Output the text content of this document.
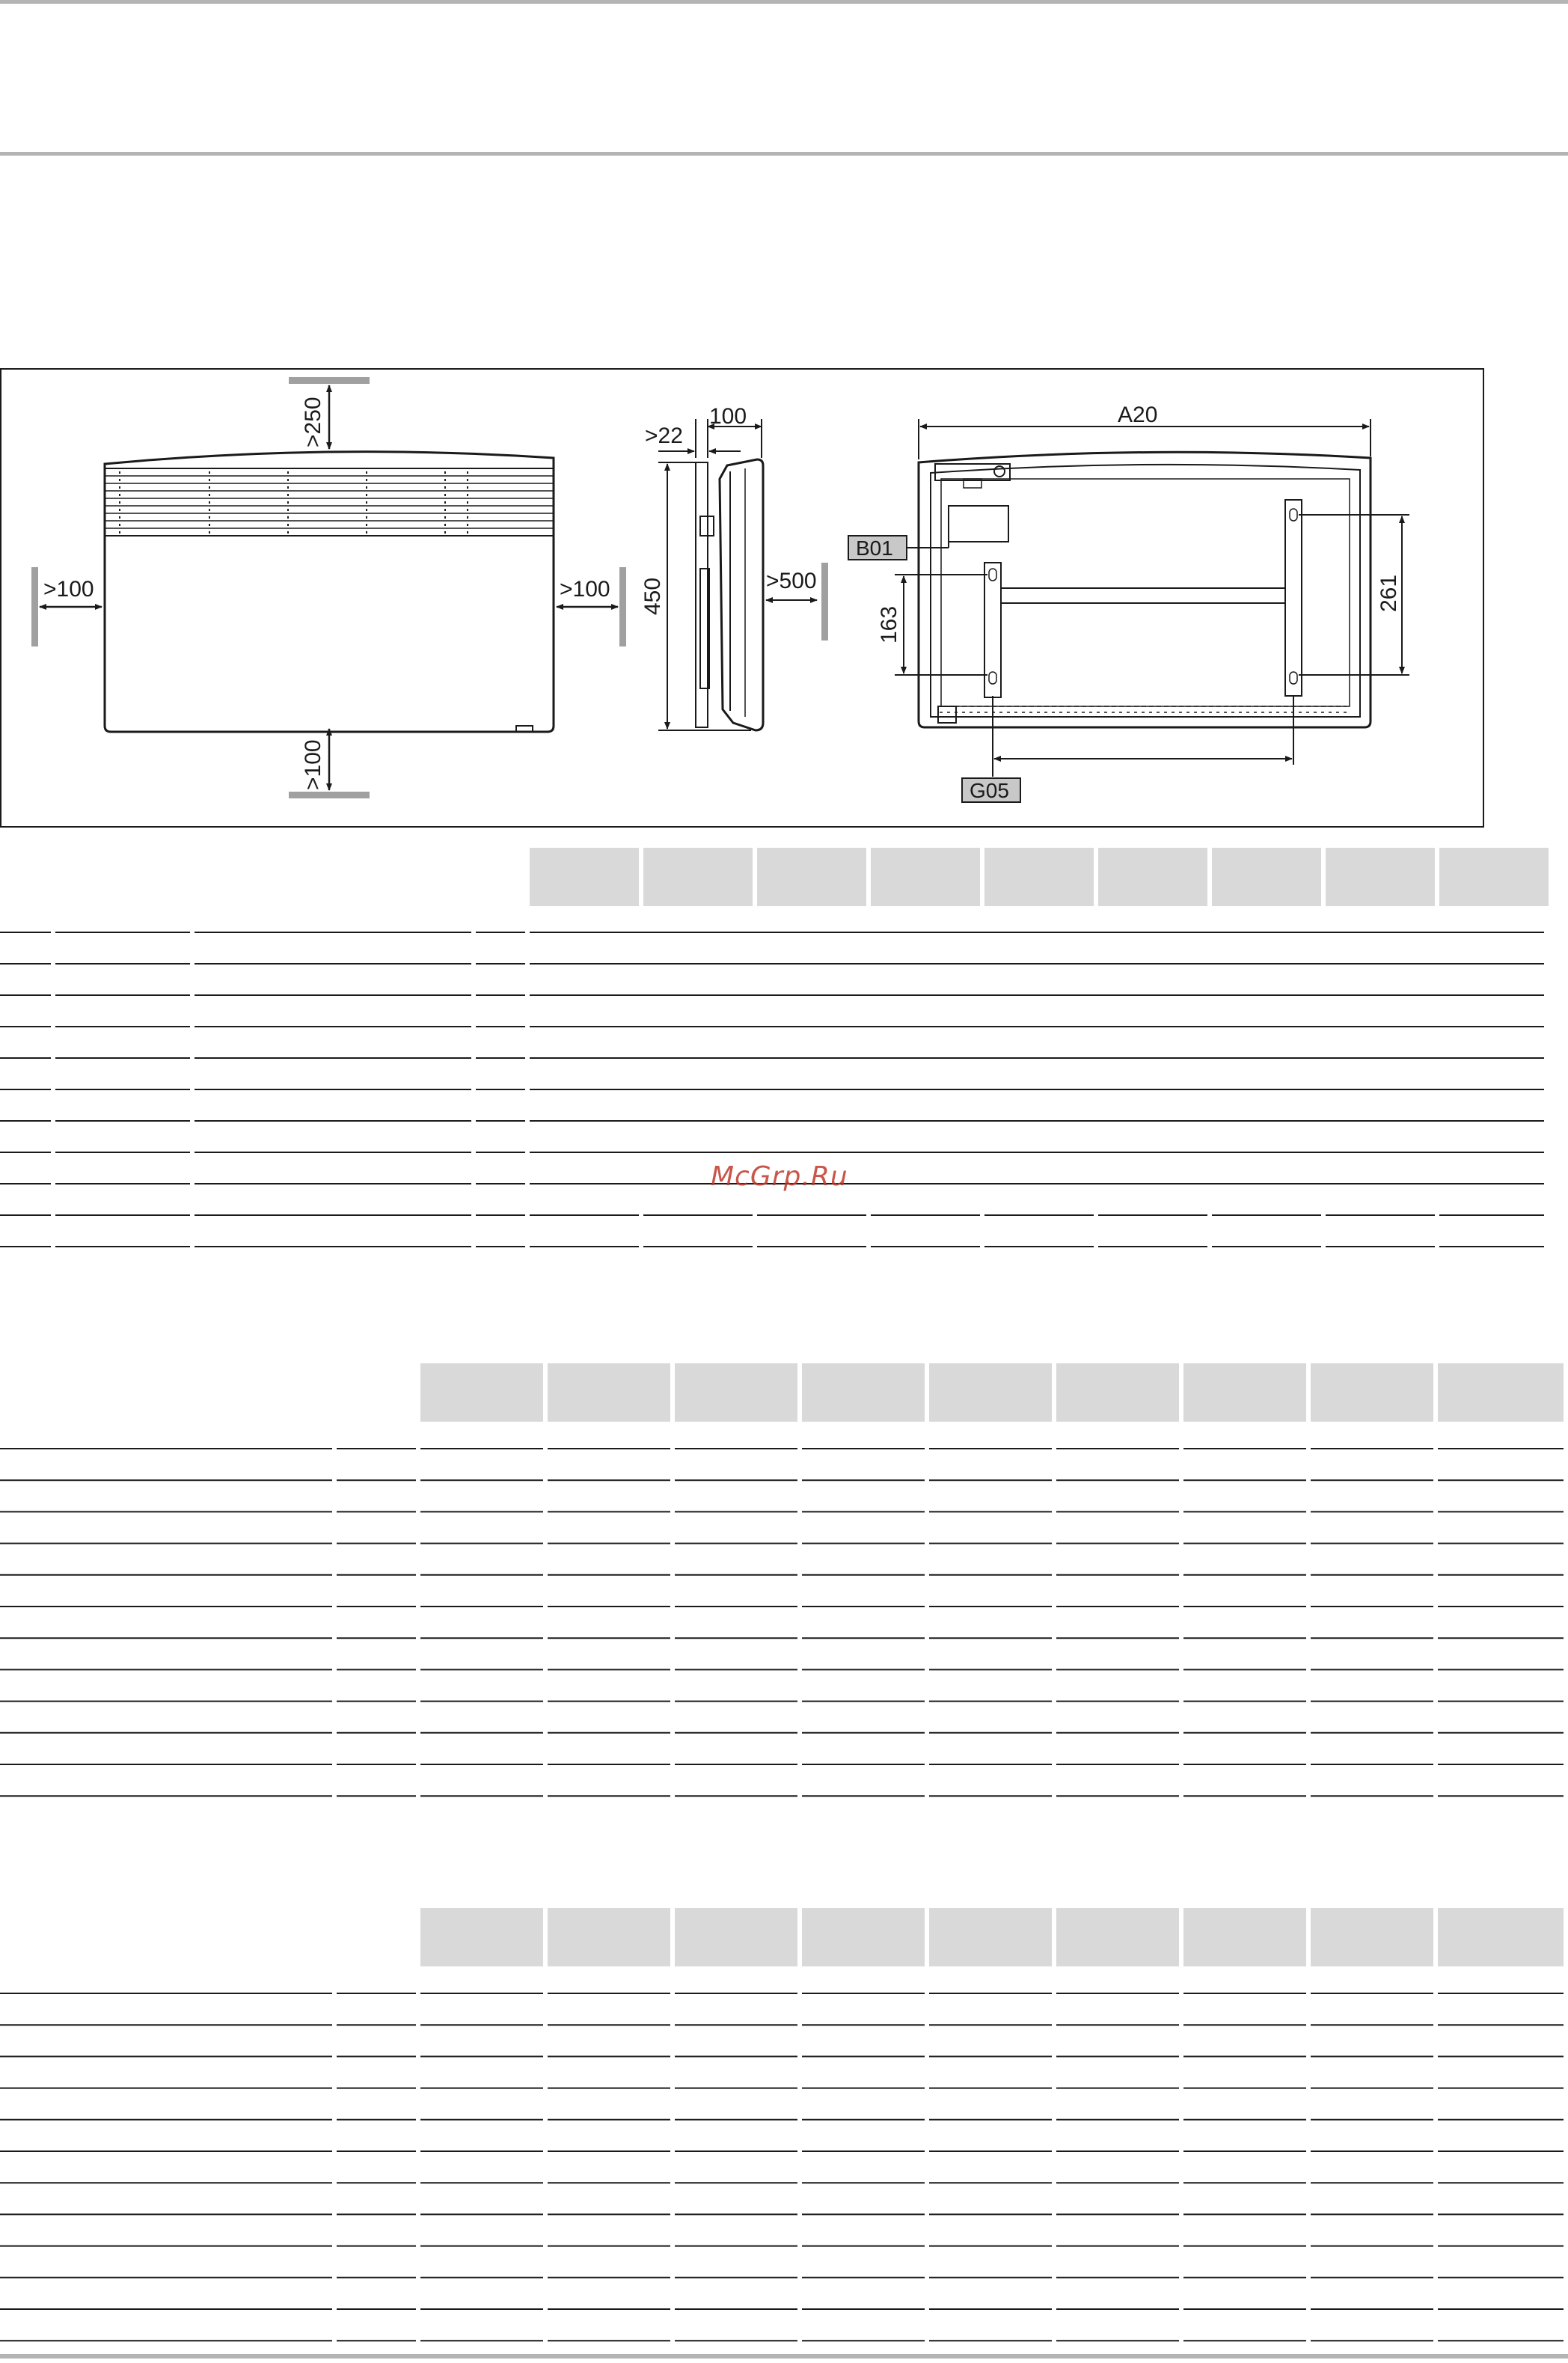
>250
>100
>100	>100
100
>22
450	>500
A20
261
163
B01
G05
McGrp.Ru
